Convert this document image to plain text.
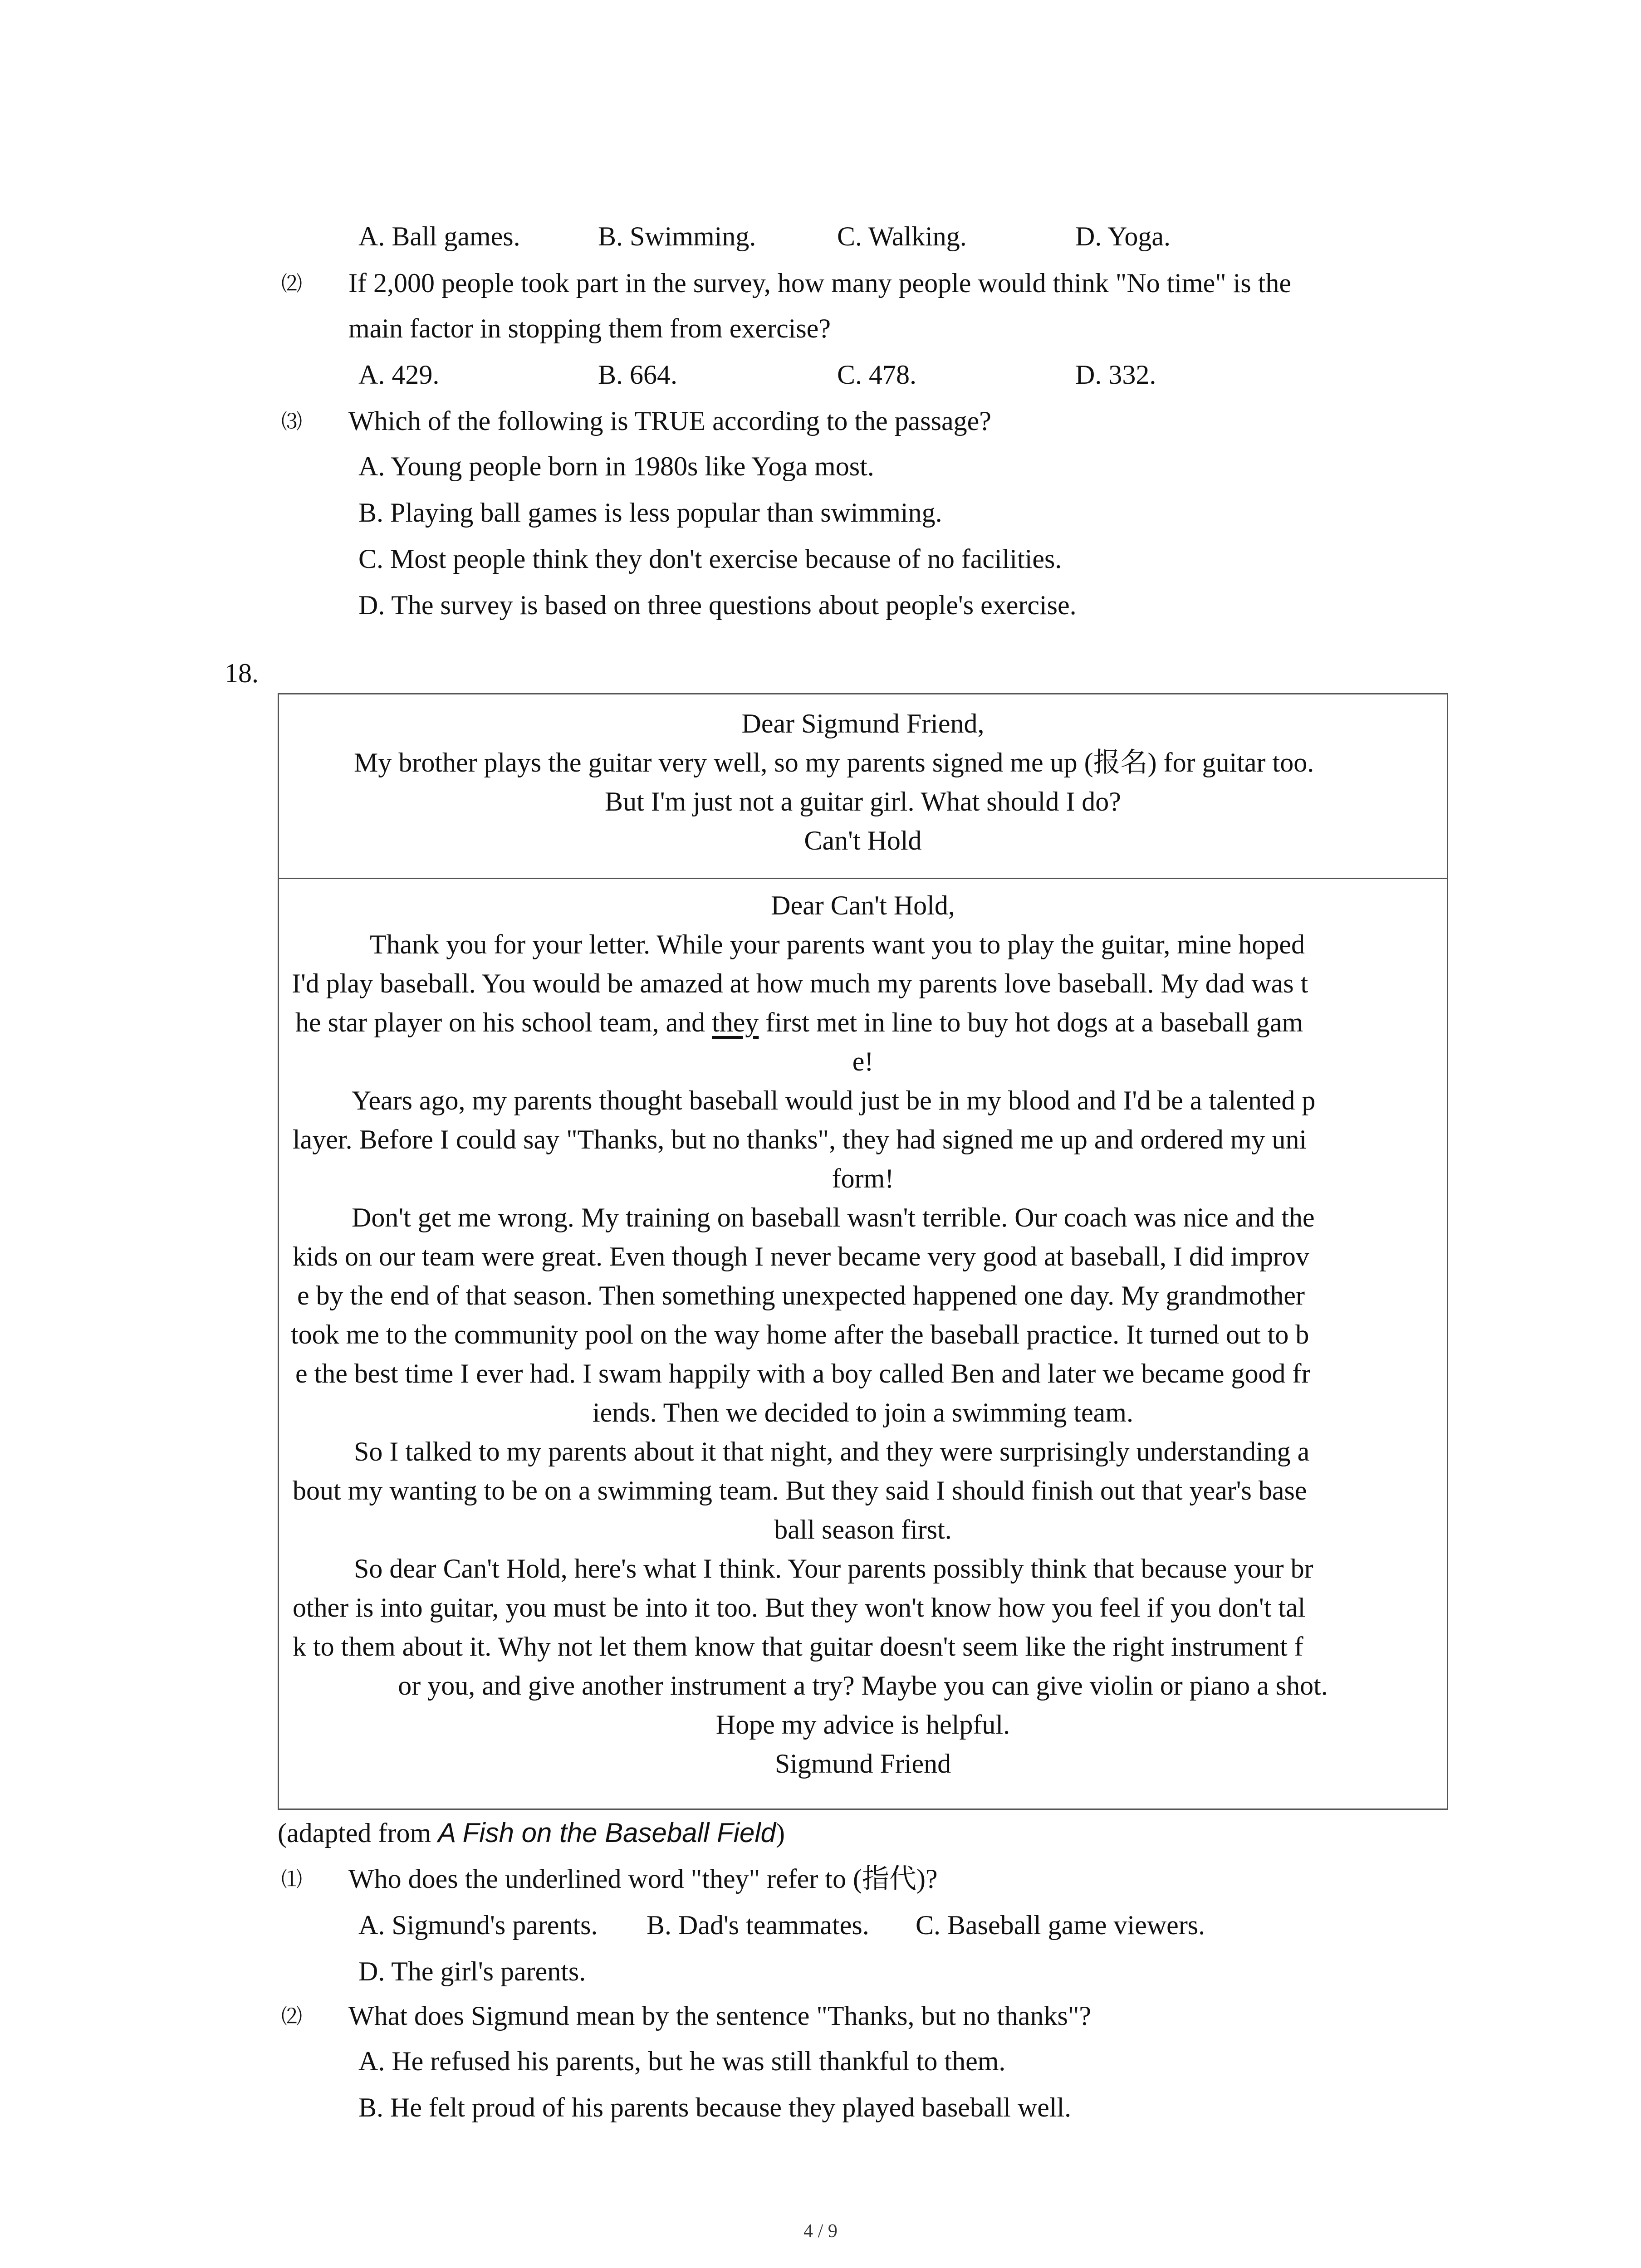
A. Ball games.	B. Swimming.	C. Walking.	D. Yoga.
⑵ If 2,000 people took part in the survey, how many people would think "No time" is the
main factor in stopping them from exercise?
A. 429.	B. 664.	C. 478.	D. 332.
⑶ Which of the following is TRUE according to the passage?
A. Young people born in 1980s like Yoga most.
B. Playing ball games is less popular than swimming.
C. Most people think they don't exercise because of no facilities.
D. The survey is based on three questions about people's exercise.
18.
Dear Sigmund Friend,
My brother plays the guitar very well, so my parents signed me up (报名) for guitar too.
But I'm just not a guitar girl. What should I do?
Can't Hold
Dear Can't Hold,
Thank you for your letter. While your parents want you to play the guitar, mine hoped
I'd play baseball. You would be amazed at how much my parents love baseball. My dad was t
he star player on his school team, and they first met in line to buy hot dogs at a baseball gam
e!
Years ago, my parents thought baseball would just be in my blood and I'd be a talented p
layer. Before I could say "Thanks, but no thanks", they had signed me up and ordered my uni
form!
Don't get me wrong. My training on baseball wasn't terrible. Our coach was nice and the
kids on our team were great. Even though I never became very good at baseball, I did improv
e by the end of that season. Then something unexpected happened one day. My grandmother
took me to the community pool on the way home after the baseball practice. It turned out to b
e the best time I ever had. I swam happily with a boy called Ben and later we became good fr
iends. Then we decided to join a swimming team.
So I talked to my parents about it that night, and they were surprisingly understanding a
bout my wanting to be on a swimming team. But they said I should finish out that year's base
ball season first.
So dear Can't Hold, here's what I think. Your parents possibly think that because your br
other is into guitar, you must be into it too. But they won't know how you feel if you don't tal
k to them about it. Why not let them know that guitar doesn't seem like the right instrument f
or you, and give another instrument a try? Maybe you can give violin or piano a shot.
Hope my advice is helpful.
Sigmund Friend
(adapted from A Fish on the Baseball Field)
⑴ Who does the underlined word "they" refer to (指代)?
A. Sigmund's parents. B. Dad's teammates. C. Baseball game viewers.
D. The girl's parents.
⑵ What does Sigmund mean by the sentence "Thanks, but no thanks"?
A. He refused his parents, but he was still thankful to them.
B. He felt proud of his parents because they played baseball well.
4 / 9
